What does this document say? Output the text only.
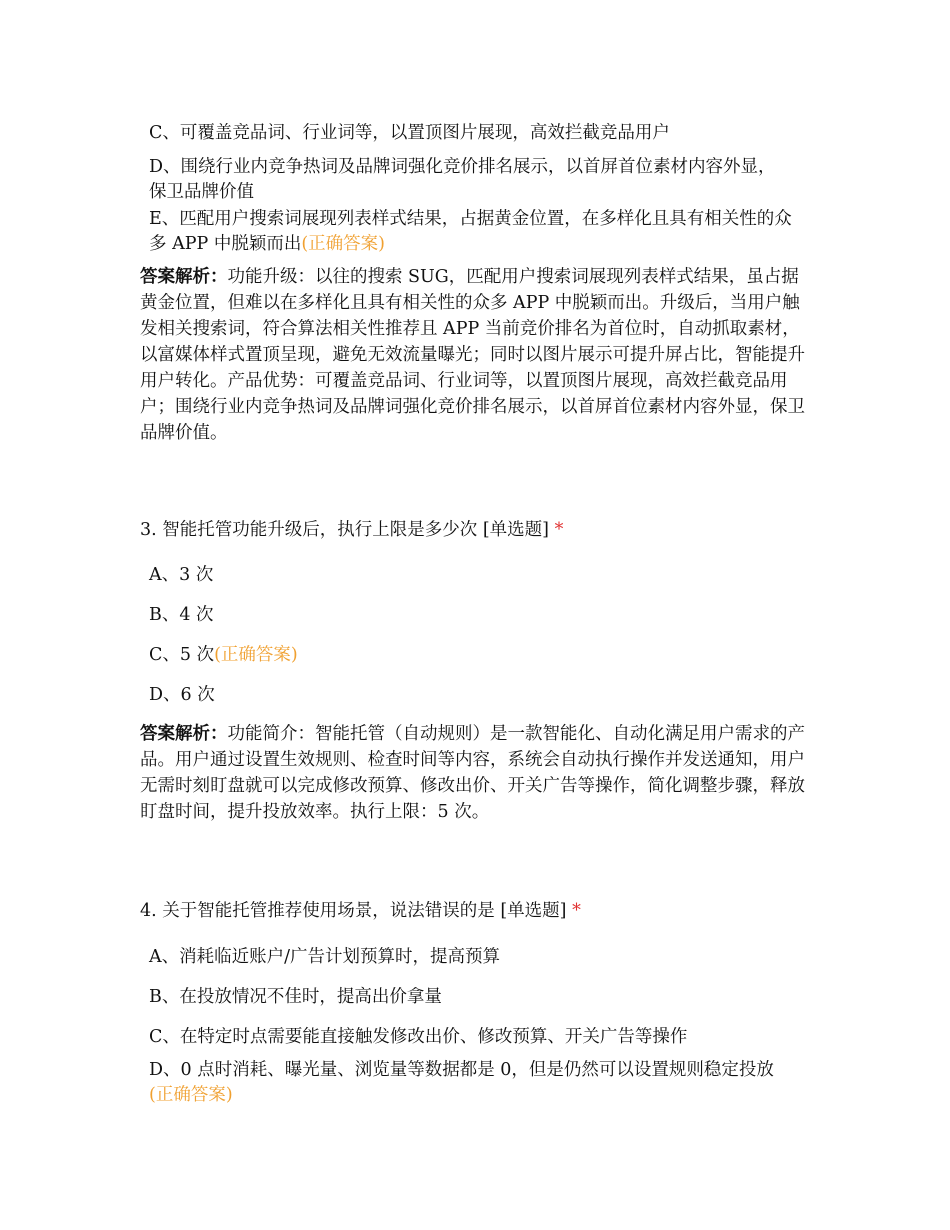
C、可覆盖竞品词、行业词等，以置顶图片展现，高效拦截竞品用户
D、围绕行业内竞争热词及品牌词强化竞价排名展示，以首屏首位素材内容外显，保卫品牌价值
E、匹配用户搜索词展现列表样式结果，占据黄金位置，在多样化且具有相关性的众多 APP 中脱颖而出(正确答案)
答案解析：功能升级：以往的搜索 SUG，匹配用户搜索词展现列表样式结果，虽占据黄金位置，但难以在多样化且具有相关性的众多 APP 中脱颖而出。升级后，当用户触发相关搜索词，符合算法相关性推荐且 APP 当前竞价排名为首位时，自动抓取素材，以富媒体样式置顶呈现，避免无效流量曝光；同时以图片展示可提升屏占比，智能提升用户转化。产品优势：可覆盖竞品词、行业词等，以置顶图片展现，高效拦截竞品用户；围绕行业内竞争热词及品牌词强化竞价排名展示，以首屏首位素材内容外显，保卫品牌价值。
3. 智能托管功能升级后，执行上限是多少次 [单选题] *
A、3 次
B、4 次
C、5 次(正确答案)
D、6 次
答案解析：功能简介：智能托管（自动规则）是一款智能化、自动化满足用户需求的产品。用户通过设置生效规则、检查时间等内容，系统会自动执行操作并发送通知，用户无需时刻盯盘就可以完成修改预算、修改出价、开关广告等操作，简化调整步骤，释放盯盘时间，提升投放效率。执行上限：5 次。
4. 关于智能托管推荐使用场景，说法错误的是 [单选题] *
A、消耗临近账户/广告计划预算时，提高预算
B、在投放情况不佳时，提高出价拿量
C、在特定时点需要能直接触发修改出价、修改预算、开关广告等操作
D、0 点时消耗、曝光量、浏览量等数据都是 0，但是仍然可以设置规则稳定投放(正确答案)
